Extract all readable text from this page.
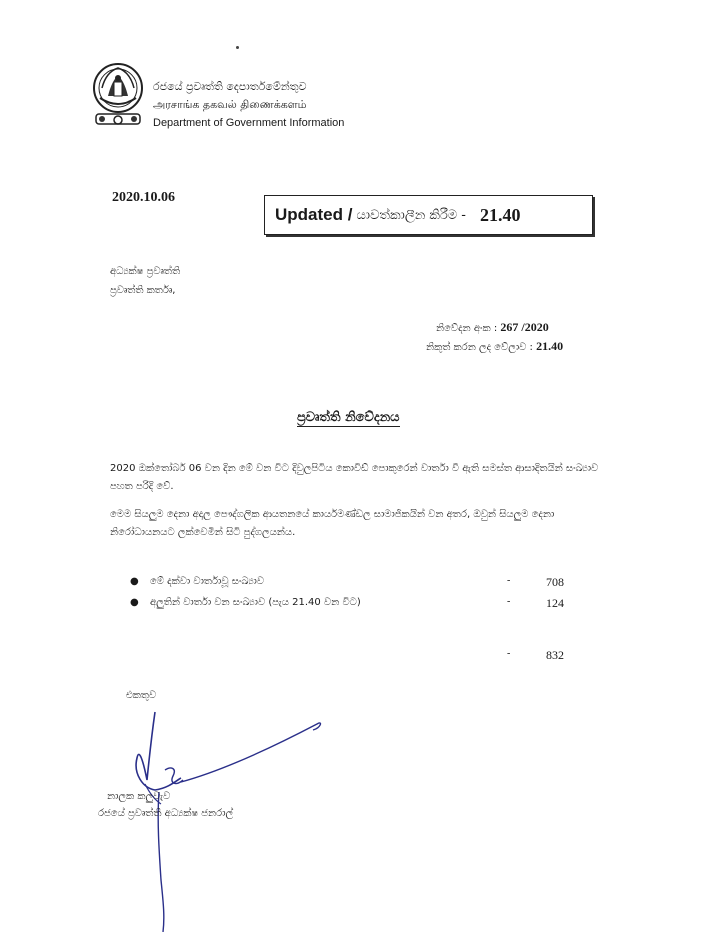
රජයේ ප්‍රවෘත්ති දෙපාර්තමේන්තුව
அரசாங்க தகவல் திணைக்களம்
Department of Government Information
2020.10.06
Updated / යාවත්කාලීන කිරීම - 21.40
අධ්‍යක්ෂ ප්‍රවෘත්ති
ප්‍රවෘත්ති කර්තෘ,
නිවේදන අංක : 267 /2020
නිකුත් කරන ලද වේලාව : 21.40
ප්‍රවෘත්ති නිවේදනය
2020 ඔක්තෝබර් 06 වන දින මේ වන විට දිවුලපිටිය කොවිඩ් පොකුරෙන් වාර්තා වී ඇති සමස්ත ආසාදිතයින් සංඛ්‍යාව පහත පරිදි වේ.
මෙම සියලුම දෙනා අදාල පෞද්ගලික ආයතනයේ කාර්යමණ්ඩල සාමාජිකයින් වන අතර, ඔවුන් සියලුම දෙනා නිරෝධායනයට ලක්වෙමින් සිටි පුද්ගලයන්ය.
● මේ දක්වා වාර්තාවූ සංඛ්‍යාව	-	708
● අලුතින් වාර්තා වන සංඛ්‍යාව (පැය 21.40 වන විට)	-	124
-	832
එකතුව
නාලක කලුවැව
රජයේ ප්‍රවෘත්ති අධ්‍යක්ෂ ජනරාල්
